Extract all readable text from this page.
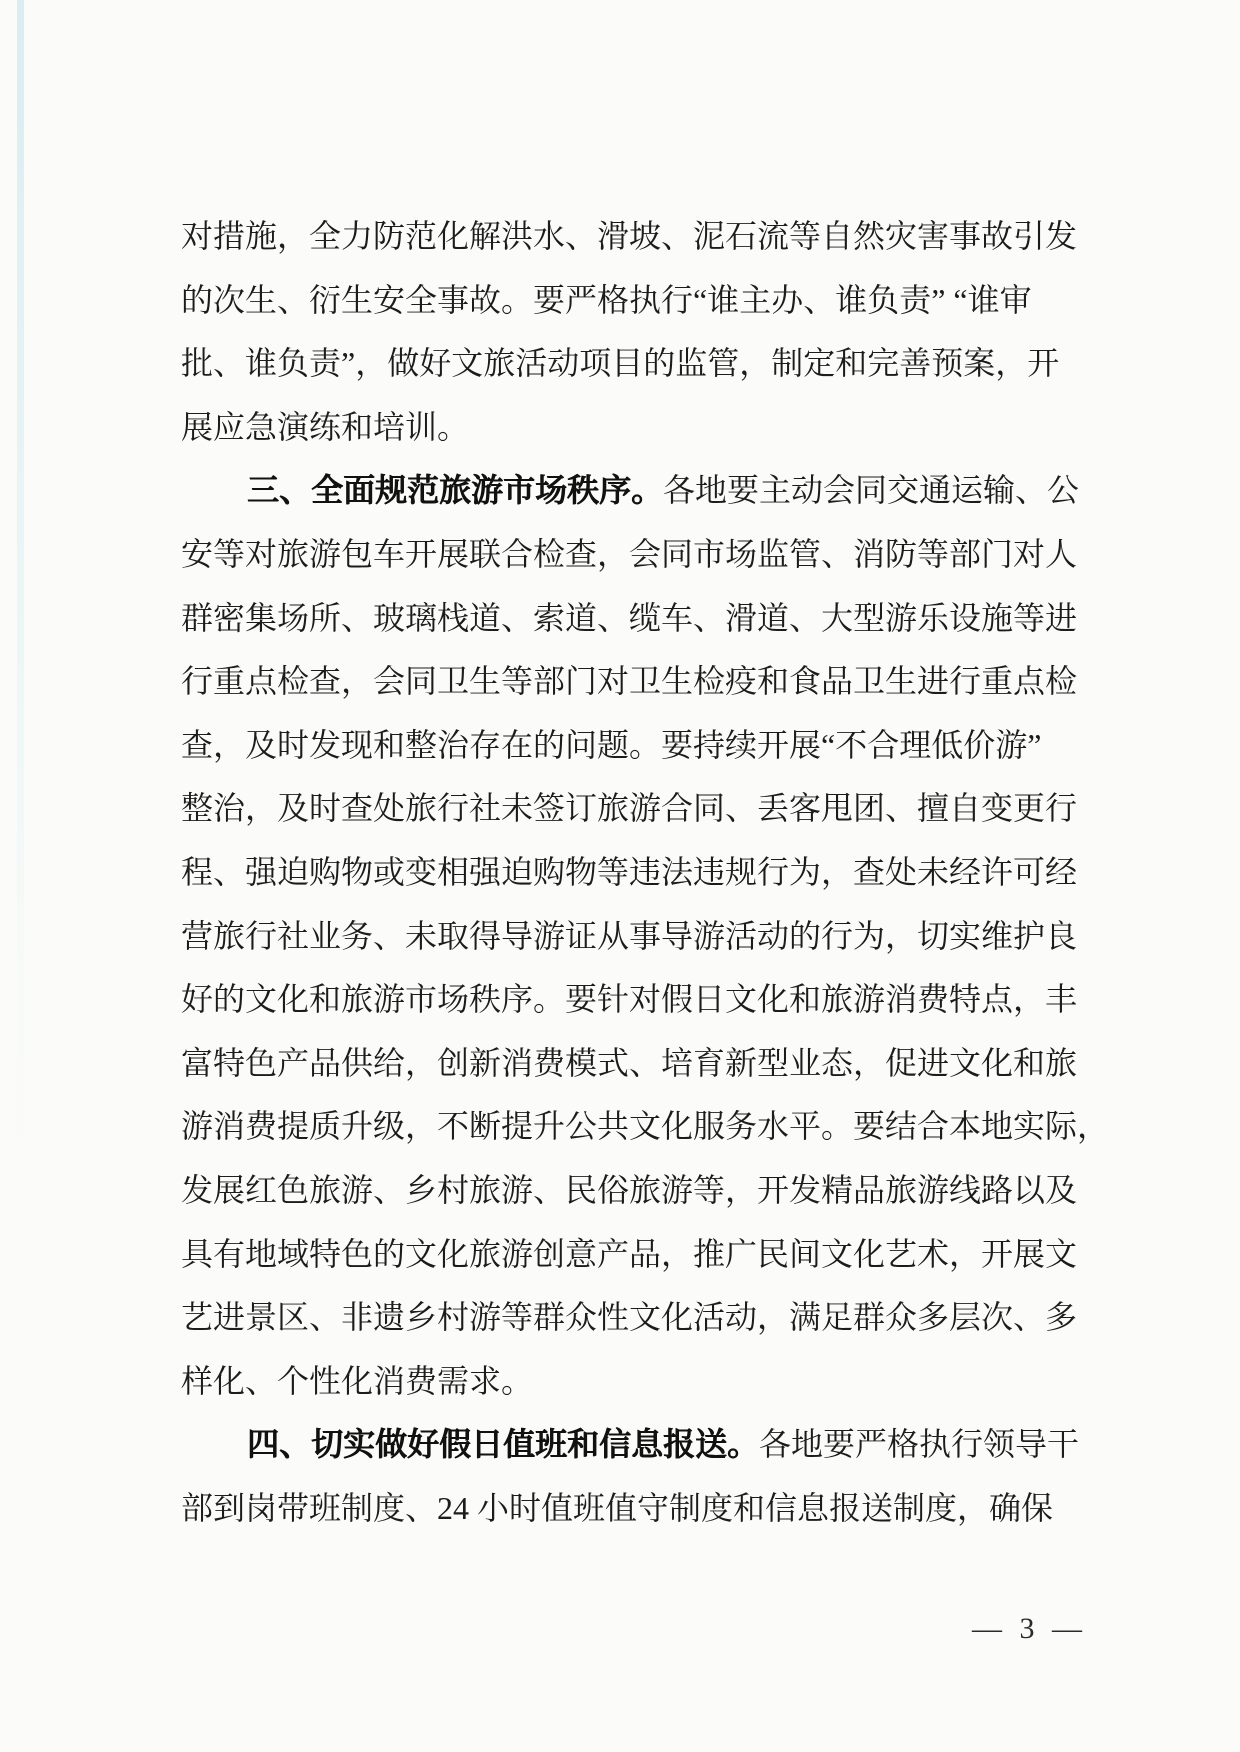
对措施，全力防范化解洪水、滑坡、泥石流等自然灾害事故引发
的次生、衍生安全事故。要严格执行“谁主办、谁负责” “谁审
批、谁负责”，做好文旅活动项目的监管，制定和完善预案，开
展应急演练和培训。
三、全面规范旅游市场秩序。各地要主动会同交通运输、公
安等对旅游包车开展联合检查，会同市场监管、消防等部门对人
群密集场所、玻璃栈道、索道、缆车、滑道、大型游乐设施等进
行重点检查，会同卫生等部门对卫生检疫和食品卫生进行重点检
查，及时发现和整治存在的问题。要持续开展“不合理低价游”
整治，及时查处旅行社未签订旅游合同、丢客甩团、擅自变更行
程、强迫购物或变相强迫购物等违法违规行为，查处未经许可经
营旅行社业务、未取得导游证从事导游活动的行为，切实维护良
好的文化和旅游市场秩序。要针对假日文化和旅游消费特点，丰
富特色产品供给，创新消费模式、培育新型业态，促进文化和旅
游消费提质升级，不断提升公共文化服务水平。要结合本地实际，
发展红色旅游、乡村旅游、民俗旅游等，开发精品旅游线路以及
具有地域特色的文化旅游创意产品，推广民间文化艺术，开展文
艺进景区、非遗乡村游等群众性文化活动，满足群众多层次、多
样化、个性化消费需求。
四、切实做好假日值班和信息报送。各地要严格执行领导干
部到岗带班制度、24 小时值班值守制度和信息报送制度，确保
— 3 —
